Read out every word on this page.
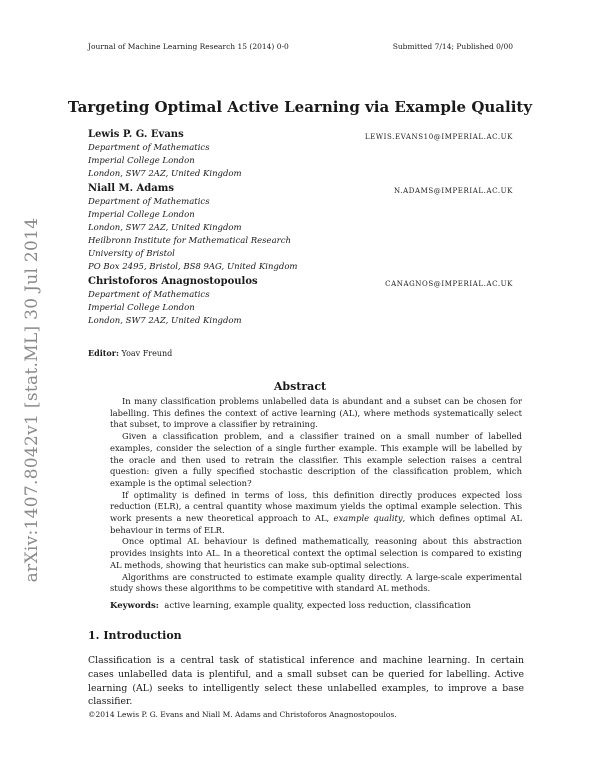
arXiv:1407.8042v1 [stat.ML] 30 Jul 2014
Journal of Machine Learning Research 15 (2014) 0-0	Submitted 7/14; Published 0/00
Targeting Optimal Active Learning via Example Quality
Lewis P. G. Evans	LEWIS.EVANS10@IMPERIAL.AC.UK
Department of Mathematics
Imperial College London
London, SW7 2AZ, United Kingdom
Niall M. Adams	N.ADAMS@IMPERIAL.AC.UK
Department of Mathematics
Imperial College London
London, SW7 2AZ, United Kingdom
Heilbronn Institute for Mathematical Research
University of Bristol
PO Box 2495, Bristol, BS8 9AG, United Kingdom
Christoforos Anagnostopoulos	CANAGNOS@IMPERIAL.AC.UK
Department of Mathematics
Imperial College London
London, SW7 2AZ, United Kingdom
Editor: Yoav Freund
Abstract

In many classification problems unlabelled data is abundant and a subset can be chosen for labelling. This defines the context of active learning (AL), where methods systematically select that subset, to improve a classifier by retraining.

Given a classification problem, and a classifier trained on a small number of labelled examples, consider the selection of a single further example. This example will be labelled by the oracle and then used to retrain the classifier. This example selection raises a central question: given a fully specified stochastic description of the classification problem, which example is the optimal selection?

If optimality is defined in terms of loss, this definition directly produces expected loss reduction (ELR), a central quantity whose maximum yields the optimal example selection. This work presents a new theoretical approach to AL, example quality, which defines optimal AL behaviour in terms of ELR.

Once optimal AL behaviour is defined mathematically, reasoning about this abstraction provides insights into AL. In a theoretical context the optimal selection is compared to existing AL methods, showing that heuristics can make sub-optimal selections.

Algorithms are constructed to estimate example quality directly. A large-scale experimental study shows these algorithms to be competitive with standard AL methods.

Keywords: active learning, example quality, expected loss reduction, classification
1. Introduction

Classification is a central task of statistical inference and machine learning. In certain cases unlabelled data is plentiful, and a small subset can be queried for labelling. Active learning (AL) seeks to intelligently select these unlabelled examples, to improve a base classifier.

©2014 Lewis P. G. Evans and Niall M. Adams and Christoforos Anagnostopoulos.
